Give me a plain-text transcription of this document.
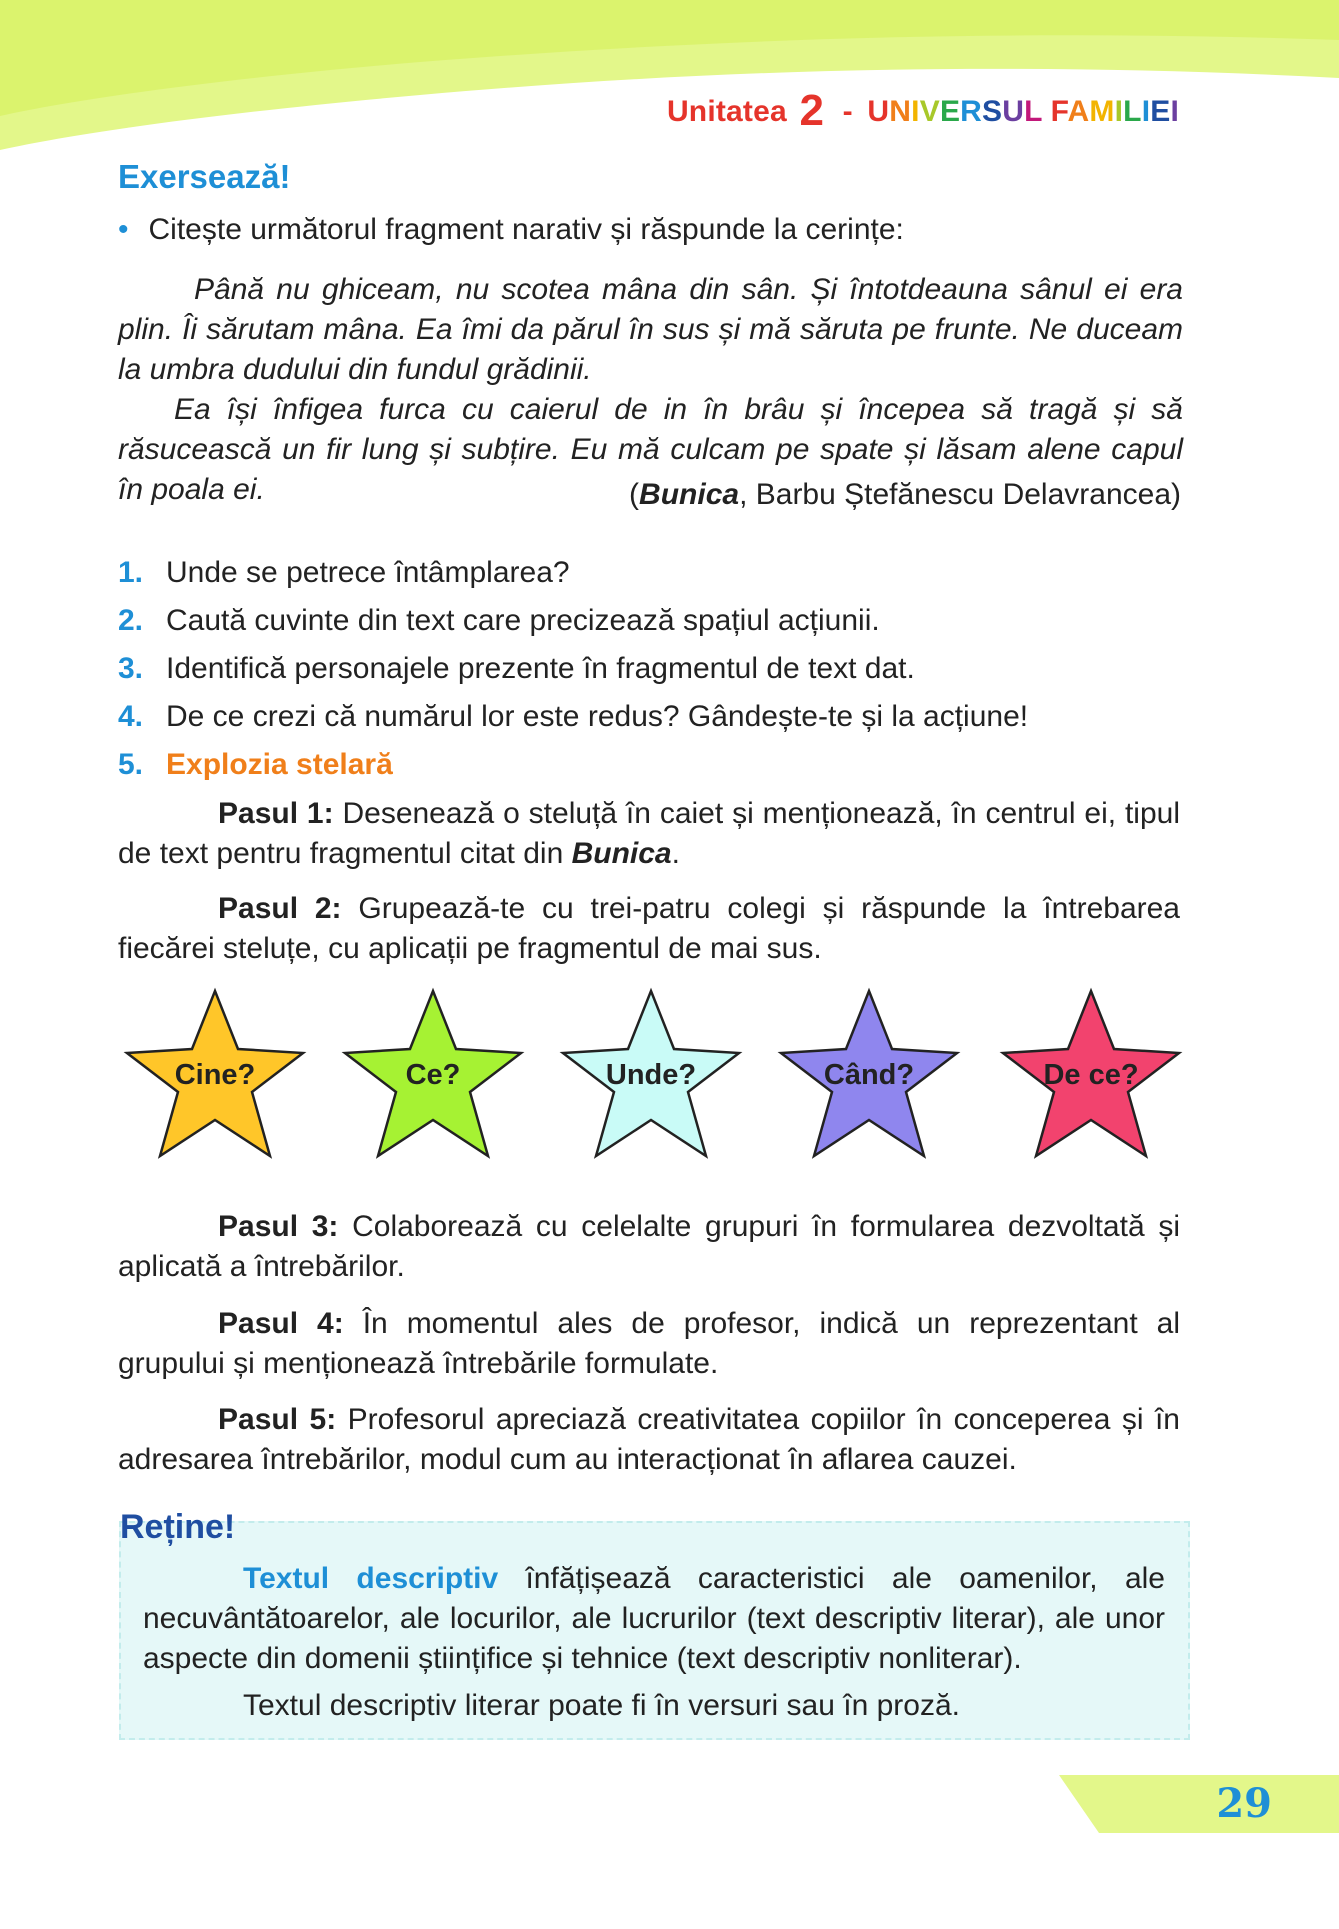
Unitatea 2 - UNIVERSUL FAMILIEI
Exersează!
• Citește următorul fragment narativ și răspunde la cerințe:
Până nu ghiceam, nu scotea mâna din sân. Și întotdeauna sânul ei era plin. Îi sărutam mâna. Ea îmi da părul în sus și mă săruta pe frunte. Ne duceam la umbra dudului din fundul grădinii.
Ea își înfigea furca cu caierul de in în brâu și începea să tragă și să răsucească un fir lung și subțire. Eu mă culcam pe spate și lăsam alene capul în poala ei.	(Bunica, Barbu Ștefănescu Delavrancea)
1. Unde se petrece întâmplarea?
2. Caută cuvinte din text care precizează spațiul acțiunii.
3. Identifică personajele prezente în fragmentul de text dat.
4. De ce crezi că numărul lor este redus? Gândește-te și la acțiune!
5. Explozia stelară
Pasul 1: Desenează o steluță în caiet și menționează, în centrul ei, tipul de text pentru fragmentul citat din Bunica.
Pasul 2: Grupează-te cu trei-patru colegi și răspunde la întrebarea fiecărei steluțe, cu aplicații pe fragmentul de mai sus.
Cine?	Ce?	Unde?	Când?	De ce?
Pasul 3: Colaborează cu celelalte grupuri în formularea dezvoltată și aplicată a întrebărilor.
Pasul 4: În momentul ales de profesor, indică un reprezentant al grupului și menționează întrebările formulate.
Pasul 5: Profesorul apreciază creativitatea copiilor în conceperea și în adresarea întrebărilor, modul cum au interacționat în aflarea cauzei.
Reține!
Textul descriptiv înfățișează caracteristici ale oamenilor, ale necuvântătoarelor, ale locurilor, ale lucrurilor (text descriptiv literar), ale unor aspecte din domenii științifice și tehnice (text descriptiv nonliterar).
Textul descriptiv literar poate fi în versuri sau în proză.
29
